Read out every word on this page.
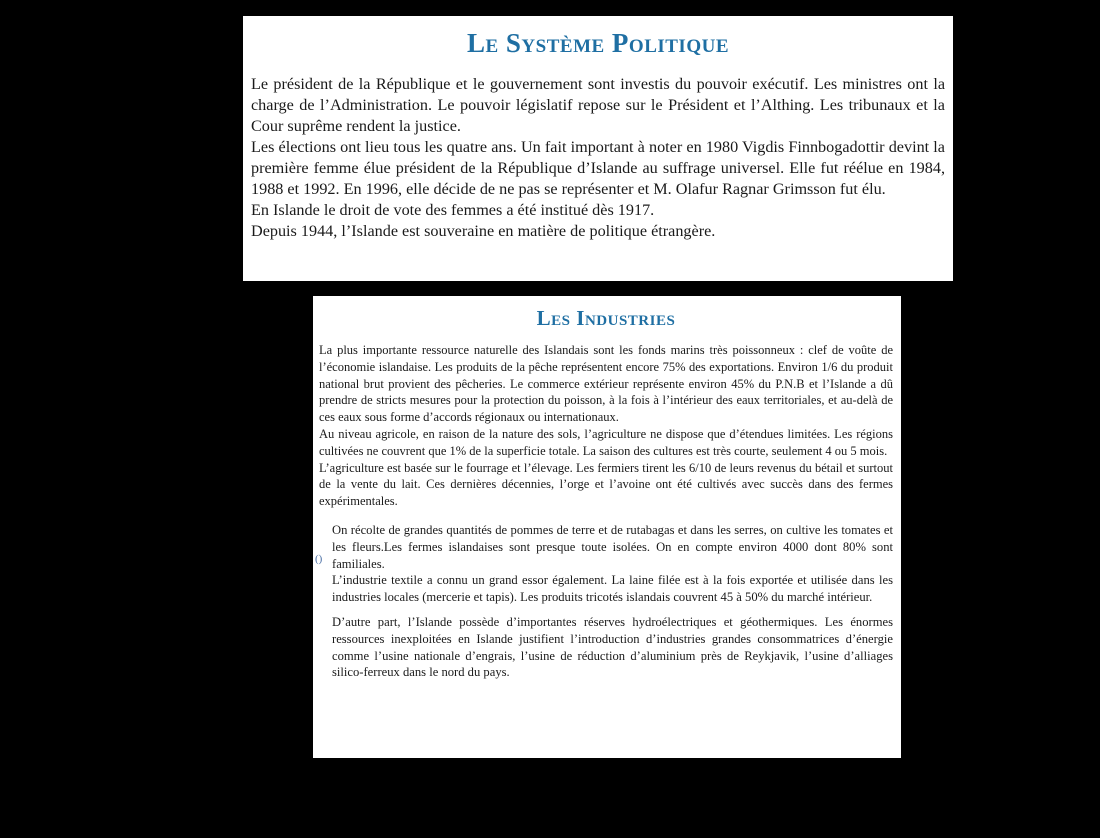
Le Système Politique

Le président de la République et le gouvernement sont investis du pouvoir exécutif. Les ministres ont la charge de l’Administration. Le pouvoir législatif repose sur le Président et l’Althing. Les tribunaux et la Cour suprême rendent la justice.

Les élections ont lieu tous les quatre ans. Un fait important à noter en 1980 Vigdis Finnbogadottir devint la première femme élue président de la République d’Islande au suffrage universel. Elle fut réélue en 1984, 1988 et 1992. En 1996, elle décide de ne pas se représenter et M. Olafur Ragnar Grimsson fut élu.

En Islande le droit de vote des femmes a été institué dès 1917.

Depuis 1944, l’Islande est souveraine en matière de politique étrangère.

Les Industries

La plus importante ressource naturelle des Islandais sont les fonds marins très poissonneux : clef de voûte de l’économie islandaise. Les produits de la pêche représentent encore 75% des exportations. Environ 1/6 du produit national brut provient des pêcheries. Le commerce extérieur représente environ 45% du P.N.B et l’Islande a dû prendre de stricts mesures pour la protection du poisson, à la fois à l’intérieur des eaux territoriales, et au-delà de ces eaux sous forme d’accords régionaux ou internationaux.

Au niveau agricole, en raison de la nature des sols, l’agriculture ne dispose que d’étendues limitées. Les régions cultivées ne couvrent que 1% de la superficie totale. La saison des cultures est très courte, seulement 4 ou 5 mois.

L’agriculture est basée sur le fourrage et l’élevage. Les fermiers tirent les 6/10 de leurs revenus du bétail et surtout de la vente du lait. Ces dernières décennies, l’orge et l’avoine ont été cultivés avec succès dans des fermes expérimentales.

()

On récolte de grandes quantités de pommes de terre et de rutabagas et dans les serres, on cultive les tomates et les fleurs.Les fermes islandaises sont presque toute isolées. On en compte environ 4000 dont 80% sont familiales.

L’industrie textile a connu un grand essor également. La laine filée est à la fois exportée et utilisée dans les industries locales (mercerie et tapis). Les produits tricotés islandais couvrent 45 à 50% du marché intérieur.

D’autre part, l’Islande possède d’importantes réserves hydroélectriques et géothermiques. Les énormes ressources inexploitées en Islande justifient l’introduction d’industries grandes consommatrices d’énergie comme l’usine nationale d’engrais, l’usine de réduction d’aluminium près de Reykjavik, l’usine d’alliages silico-ferreux dans le nord du pays.
